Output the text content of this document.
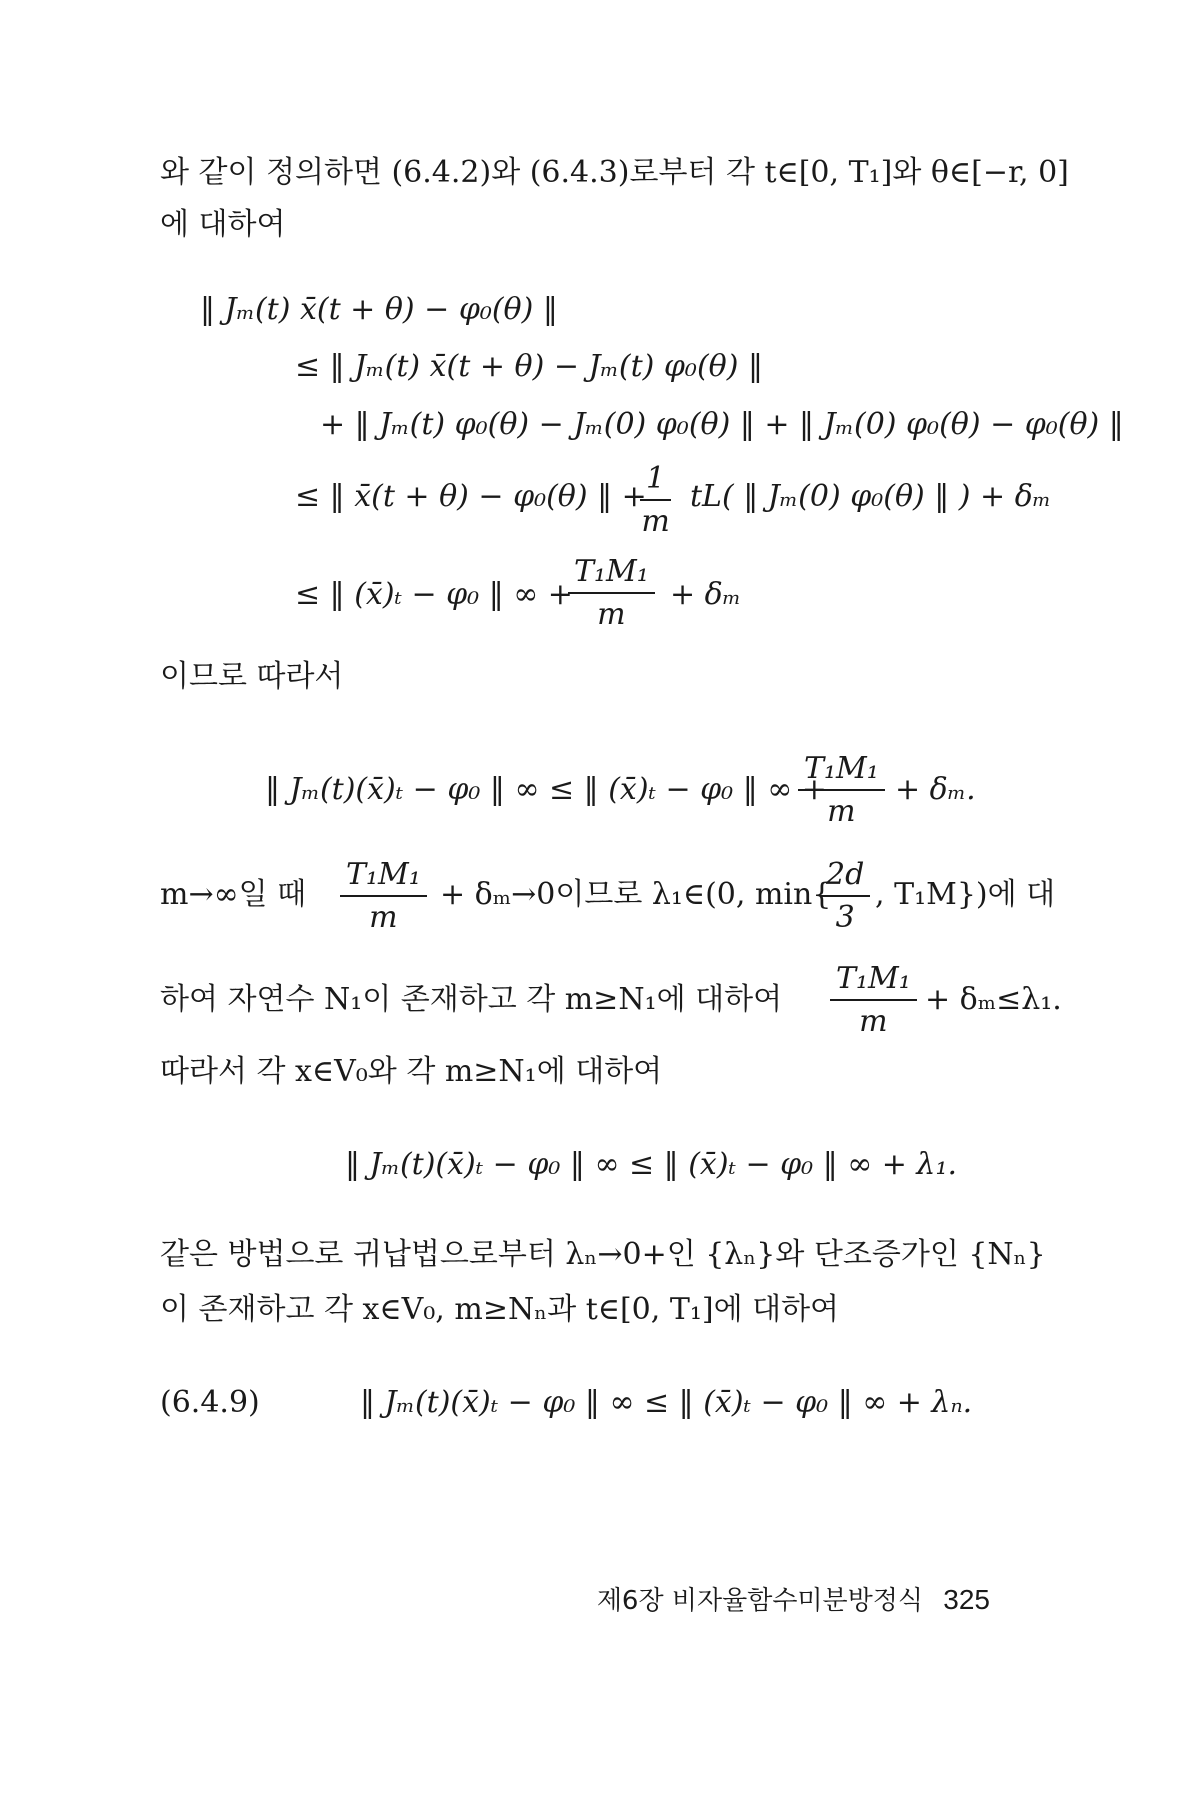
와 같이 정의하면 (6.4.2)와 (6.4.3)로부터 각 t∈[0, T₁]와 θ∈[−r, 0]
에 대하여
‖ Jₘ(t) x̄(t + θ) − φ₀(θ) ‖
≤ ‖ Jₘ(t) x̄(t + θ) − Jₘ(t) φ₀(θ) ‖
+ ‖ Jₘ(t) φ₀(θ) − Jₘ(0) φ₀(θ) ‖ + ‖ Jₘ(0) φ₀(θ) − φ₀(θ) ‖
≤ ‖ x̄(t + θ) − φ₀(θ) ‖ +
$\frac{1}{m} tL$( ‖ Jₘ(0) φ₀(θ) ‖ ) + δₘ
≤ ‖ (x̄)ₜ − φ₀ ‖ ∞ +
$\frac{\text{T₁M₁}}{m} + \delta_m$
이므로 따라서
‖ Jₘ(t)(x̄)ₜ − φ₀ ‖ ∞ ≤ ‖ (x̄)ₜ − φ₀ ‖ ∞ +
$\frac{\text{T₁M₁}}{m} + \delta_m$.
m→∞일 때 $\frac{\text{T₁M₁}}{m} + \delta_m\to 0$이므로 λ₁∈(0, min{
$\frac{2d}{3}$ , T₁M})에 대
하여 자연수 N₁이 존재하고 각 m≥N₁에 대하여 $\frac{\text{T₁M₁}}{m} + \delta_m\le\lambda_1$.
따라서 각 x∈V₀와 각 m≥N₁에 대하여
‖ Jₘ(t)(x̄)ₜ − φ₀ ‖ ∞ ≤ ‖ (x̄)ₜ − φ₀ ‖ ∞ + λ₁.
같은 방법으로 귀납법으로부터 λₙ→0+인 {λₙ}와 단조증가인 {Nₙ}
이 존재하고 각 x∈V₀, m≥Nₙ과 t∈[0, T₁]에 대하여
(6.4.9)	‖ Jₘ(t)(x̄)ₜ − φ₀ ‖ ∞ ≤ ‖ (x̄)ₜ − φ₀ ‖ ∞ + λₙ.
제6장 비자율함수미분방정식 325
